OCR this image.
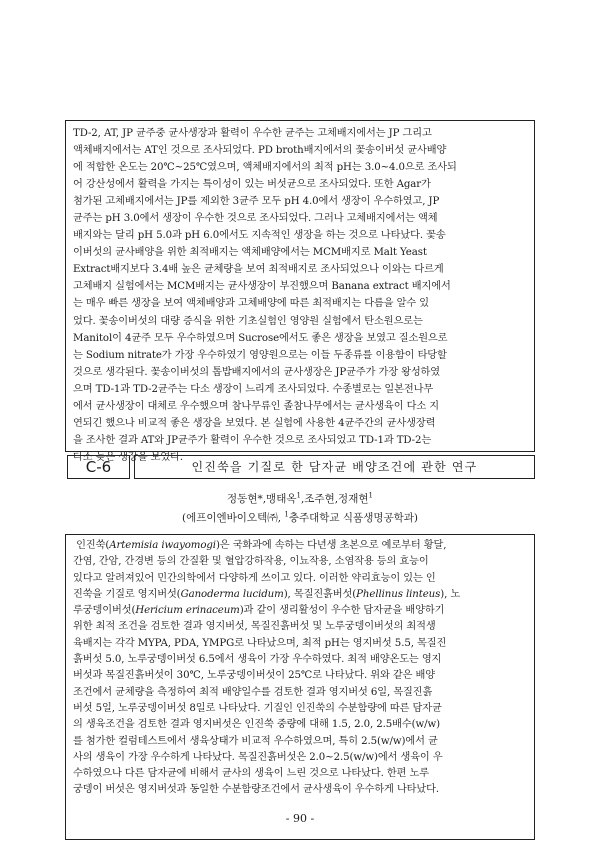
TD-2, AT, JP 균주중 균사생장과 활력이 우수한 균주는 고체배지에서는 JP 그리고
액체배지에서는 AT인 것으로 조사되었다. PD broth배지에서의 꽃송이버섯 균사배양
에 적합한 온도는 20℃~25℃였으며, 액체배지에서의 최적 pH는 3.0~4.0으로 조사되
어 강산성에서 활력을 가지는 특이성이 있는 버섯균으로 조사되었다. 또한 Agar가
첨가된 고체배지에서는 JP를 제외한 3균주 모두 pH 4.0에서 생장이 우수하였고, JP
균주는 pH 3.0에서 생장이 우수한 것으로 조사되었다. 그러나 고체배지에서는 액체
배지와는 달리 pH 5.0과 pH 6.0에서도 지속적인 생장을 하는 것으로 나타났다. 꽃송
이버섯의 균사배양을 위한 최적배지는 액체배양에서는 MCM배지로 Malt Yeast
Extract배지보다 3.4배 높은 균체량을 보여 최적배지로 조사되었으나 이와는 다르게
고체배지 실험에서는 MCM배지는 균사생장이 부진했으며 Banana extract 배지에서
는 매우 빠른 생장을 보여 액체배양과 고체배양에 따른 최적배지는 다름을 알수 있
었다. 꽃송이버섯의 대량 증식을 위한 기초실험인 영양원 실험에서 탄소원으로는
Manitol이 4균주 모두 우수하였으며 Sucrose에서도 좋은 생장을 보였고 질소원으로
는 Sodium nitrate가 가장 우수하였기 영양원으로는 이들 두종류를 이용함이 타당할
것으로 생각된다. 꽃송이버섯의 톱밥배지에서의 균사생장은 JP균주가 가장 왕성하였
으며 TD-1과 TD-2균주는 다소 생장이 느리게 조사되었다. 수종별로는 일본전나무
에서 균사생장이 대체로 우수했으며 참나무류인 졸참나무에서는 균사생육이 다소 지
연되긴 했으나 비교적 좋은 생장을 보였다. 본 실험에 사용한 4균주간의 균사생장력
을 조사한 결과 AT와 JP균주가 활력이 우수한 것으로 조사되었고 TD-1과 TD-2는
다소 늦은 생장을 보였다.

C-6	인진쑥을 기질로 한 담자균 배양조건에 관한 연구
정동현*,맹태옥$^1$,조주현,정재현$^1$
(에프이엔바이오텍㈜, $^1$충주대학교 식품생명공학과)

인진쑥(Artemisia iwayomogi)은 국화과에 속하는 다년생 초본으로 예로부터 황달,
간염, 간암, 간경변 등의 간질환 및 혈압강하작용, 이뇨작용, 소염작용 등의 효능이
있다고 알려져있어 민간의학에서 다양하게 쓰이고 있다. 이러한 약리효능이 있는 인
진쑥을 기질로 영지버섯(Ganoderma lucidum), 목질진흙버섯(Phellinus linteus), 노
루궁뎅이버섯(Hericium erinaceum)과 같이 생리활성이 우수한 담자균을 배양하기
위한 최적 조건을 검토한 결과 영지버섯, 목질진흙버섯 및 노루궁뎅이버섯의 최적생
육배지는 각각 MYPA, PDA, YMPG로 나타났으며, 최적 pH는 영지버섯 5.5, 목질진
흙버섯 5.0, 노루궁뎅이버섯 6.5에서 생육이 가장 우수하였다. 최적 배양온도는 영지
버섯과 목질진흙버섯이 30℃, 노루궁뎅이버섯이 25℃로 나타났다. 위와 같은 배양
조건에서 균체량을 측정하여 최적 배양일수를 검토한 결과 영지버섯 6일, 목질진흙
버섯 5일, 노루궁뎅이버섯 8일로 나타났다. 기질인 인진쑥의 수분함량에 따른 담자균
의 생육조건을 검토한 결과 영지버섯은 인진쑥 중량에 대해 1.5, 2.0, 2.5배수(w/w)
를 첨가한 컬럼테스트에서 생육상태가 비교적 우수하였으며, 특히 2.5(w/w)에서 균
사의 생육이 가장 우수하게 나타났다. 목질진흙버섯은 2.0~2.5(w/w)에서 생육이 우
수하였으나 다른 담자균에 비해서 균사의 생육이 느린 것으로 나타났다. 한편 노루
궁뎅이 버섯은 영지버섯과 동일한 수분함량조건에서 균사생육이 우수하게 나타났다.

- 90 -
